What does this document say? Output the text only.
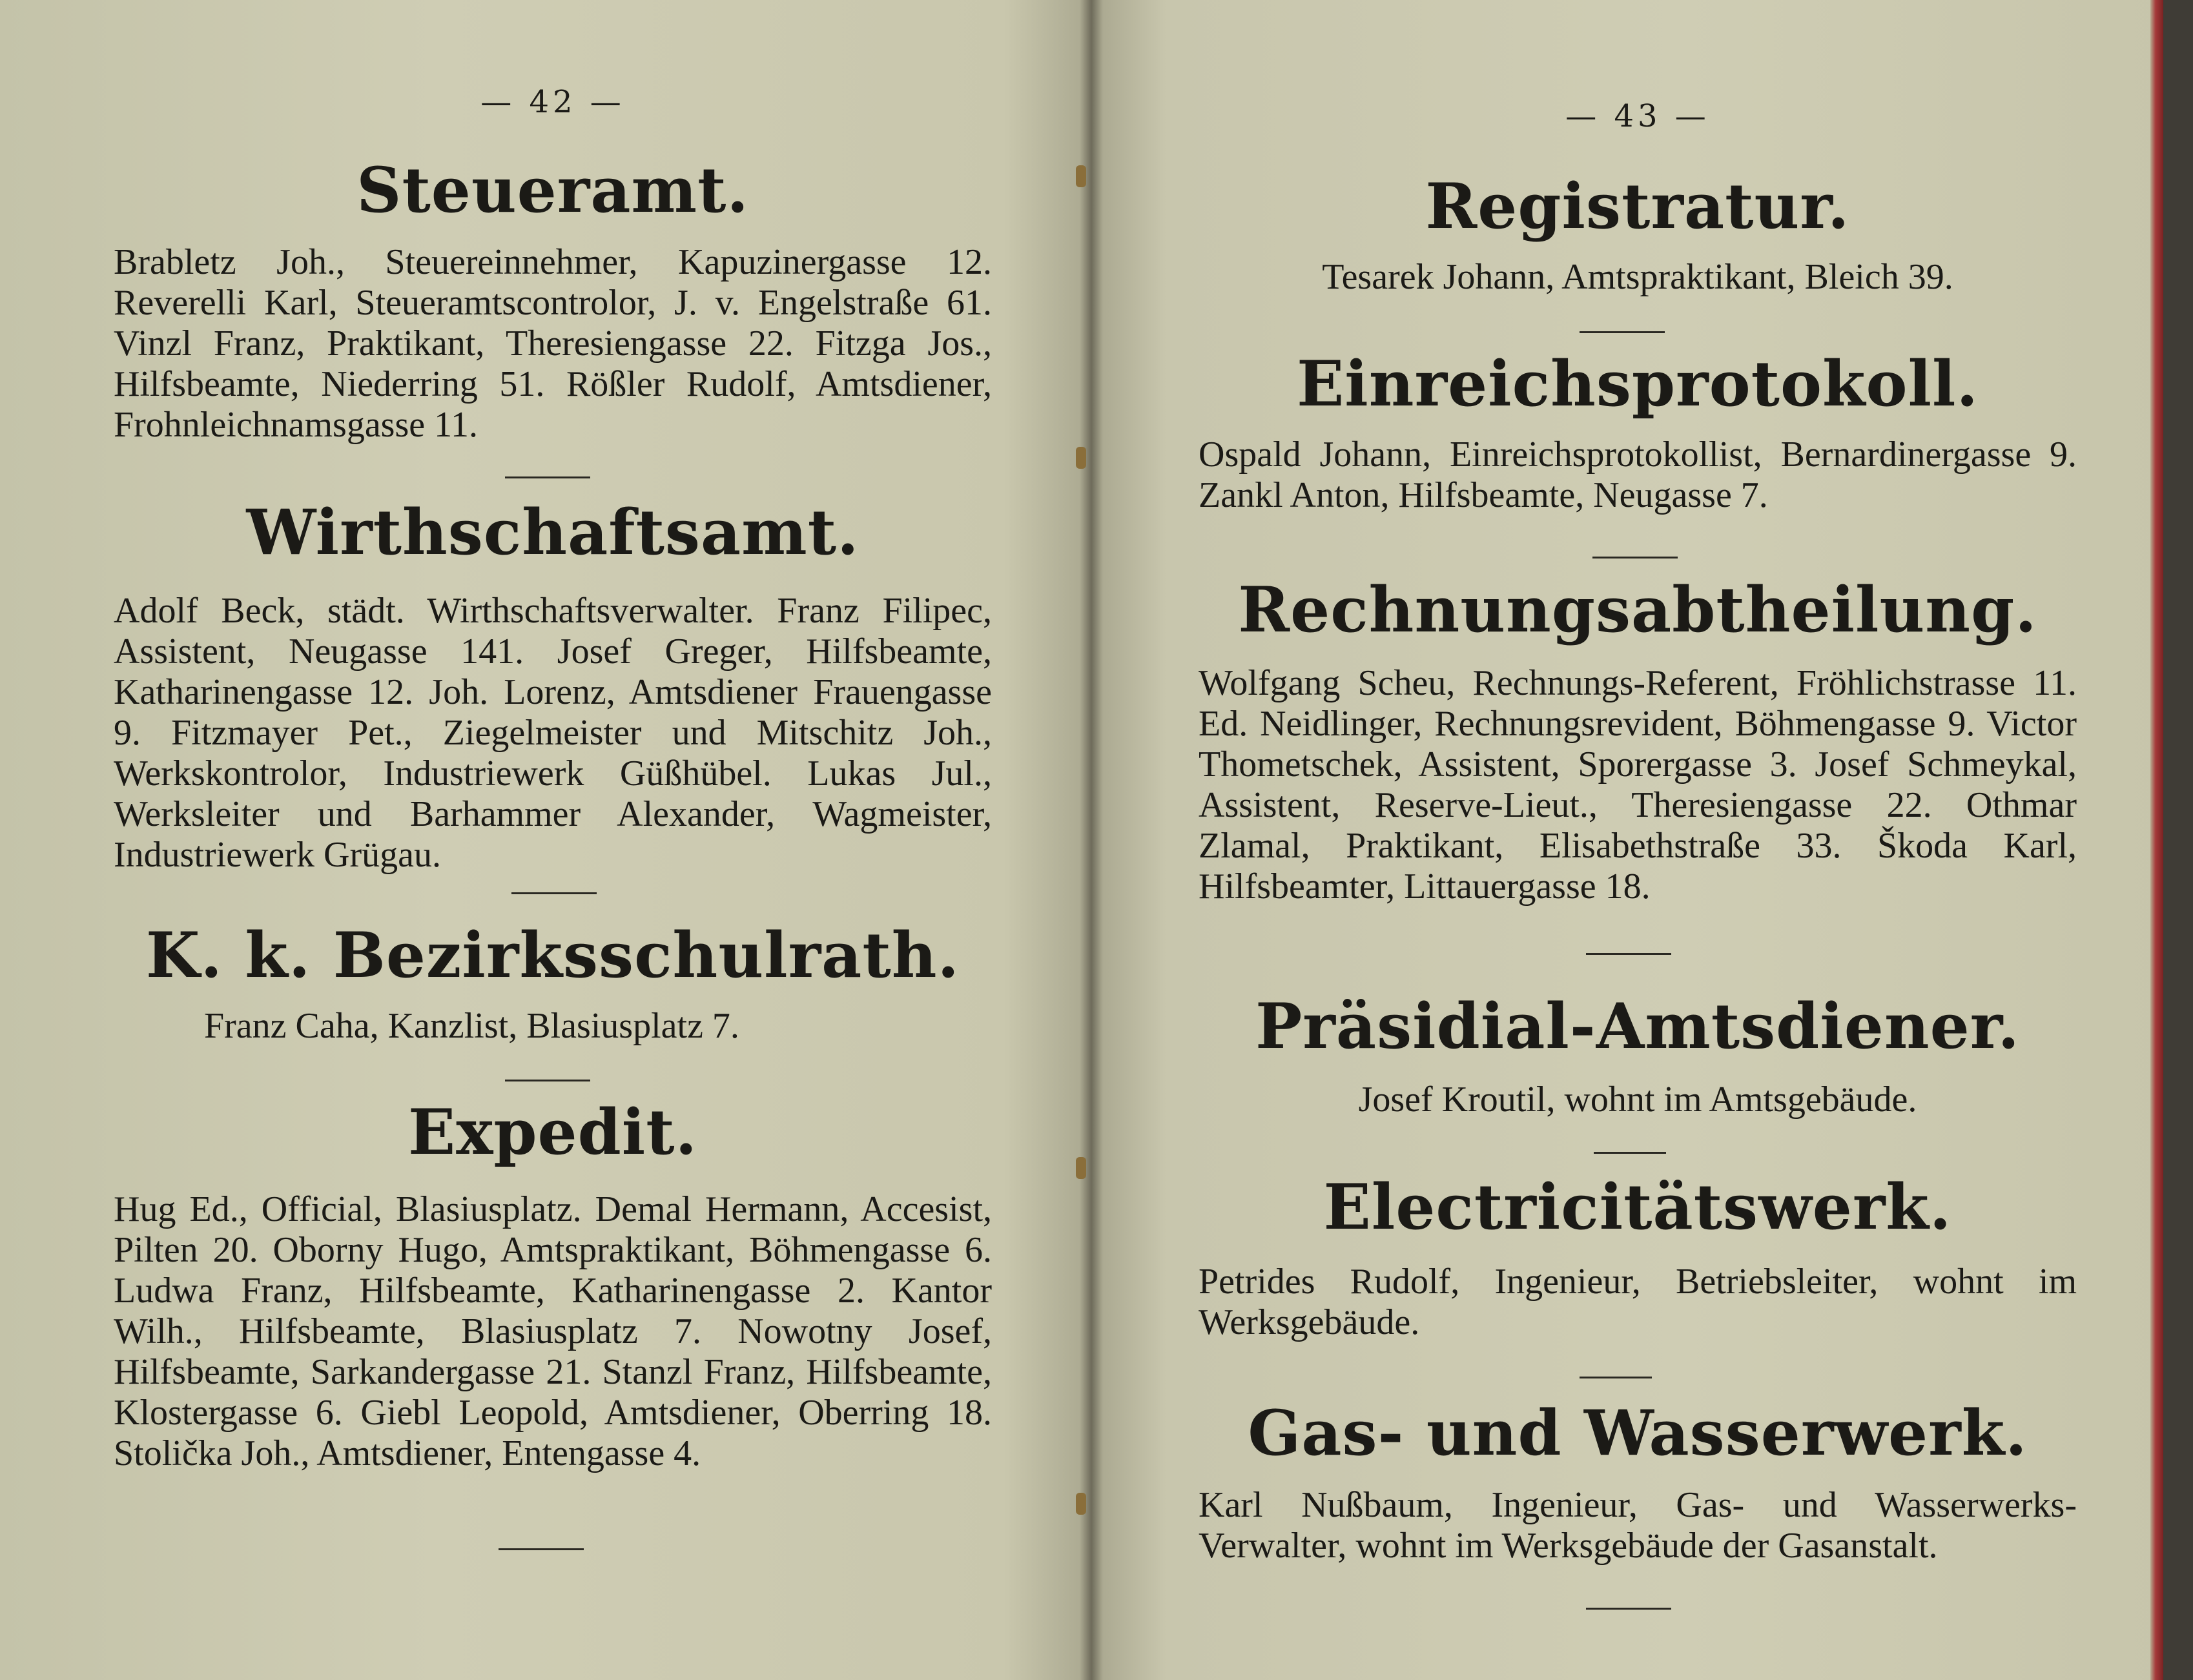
— 42 —
Steueramt.

Brabletz Joh., Steuereinnehmer, Kapuzinergasse 12. Reverelli Karl, Steueramtscontrolor, J. v. Engelstraße 61. Vinzl Franz, Praktikant, Theresiengasse 22. Fitzga Jos., Hilfsbeamte, Niederring 51. Rößler Rudolf, Amtsdiener, Frohnleichnamsgasse 11.

Wirthschaftsamt.

Adolf Beck, städt. Wirthschaftsverwalter. Franz Filipec, Assistent, Neugasse 141. Josef Greger, Hilfsbeamte, Katharinengasse 12. Joh. Lorenz, Amtsdiener Frauengasse 9. Fitzmayer Pet., Ziegelmeister und Mitschitz Joh., Werkskontrolor, Industriewerk Güßhübel. Lukas Jul., Werksleiter und Barhammer Alexander, Wagmeister, Industriewerk Grügau.

K. k. Bezirksschulrath.

Franz Caha, Kanzlist, Blasiusplatz 7.

Expedit.

Hug Ed., Official, Blasiusplatz. Demal Hermann, Accesist, Pilten 20. Oborny Hugo, Amtspraktikant, Böhmengasse 6. Ludwa Franz, Hilfsbeamte, Katharinengasse 2. Kantor Wilh., Hilfsbeamte, Blasiusplatz 7. Nowotny Josef, Hilfsbeamte, Sarkandergasse 21. Stanzl Franz, Hilfsbeamte, Klostergasse 6. Giebl Leopold, Amtsdiener, Oberring 18. Stolička Joh., Amtsdiener, Entengasse 4.

— 43 —
Registratur.

Tesarek Johann, Amtspraktikant, Bleich 39.

Einreichsprotokoll.

Ospald Johann, Einreichsprotokollist, Bernardinergasse 9. Zankl Anton, Hilfsbeamte, Neugasse 7.

Rechnungsabtheilung.

Wolfgang Scheu, Rechnungs-Referent, Fröhlichstrasse 11. Ed. Neidlinger, Rechnungsrevident, Böhmengasse 9. Victor Thometschek, Assistent, Sporergasse 3. Josef Schmeykal, Assistent, Reserve-Lieut., Theresiengasse 22. Othmar Zlamal, Praktikant, Elisabethstraße 33. Škoda Karl, Hilfsbeamter, Littauergasse 18.

Präsidial-Amtsdiener.

Josef Kroutil, wohnt im Amtsgebäude.

Electricitätswerk.

Petrides Rudolf, Ingenieur, Betriebsleiter, wohnt im Werksgebäude.

Gas- und Wasserwerk.

Karl Nußbaum, Ingenieur, Gas- und Wasserwerks-Verwalter, wohnt im Werksgebäude der Gasanstalt.
